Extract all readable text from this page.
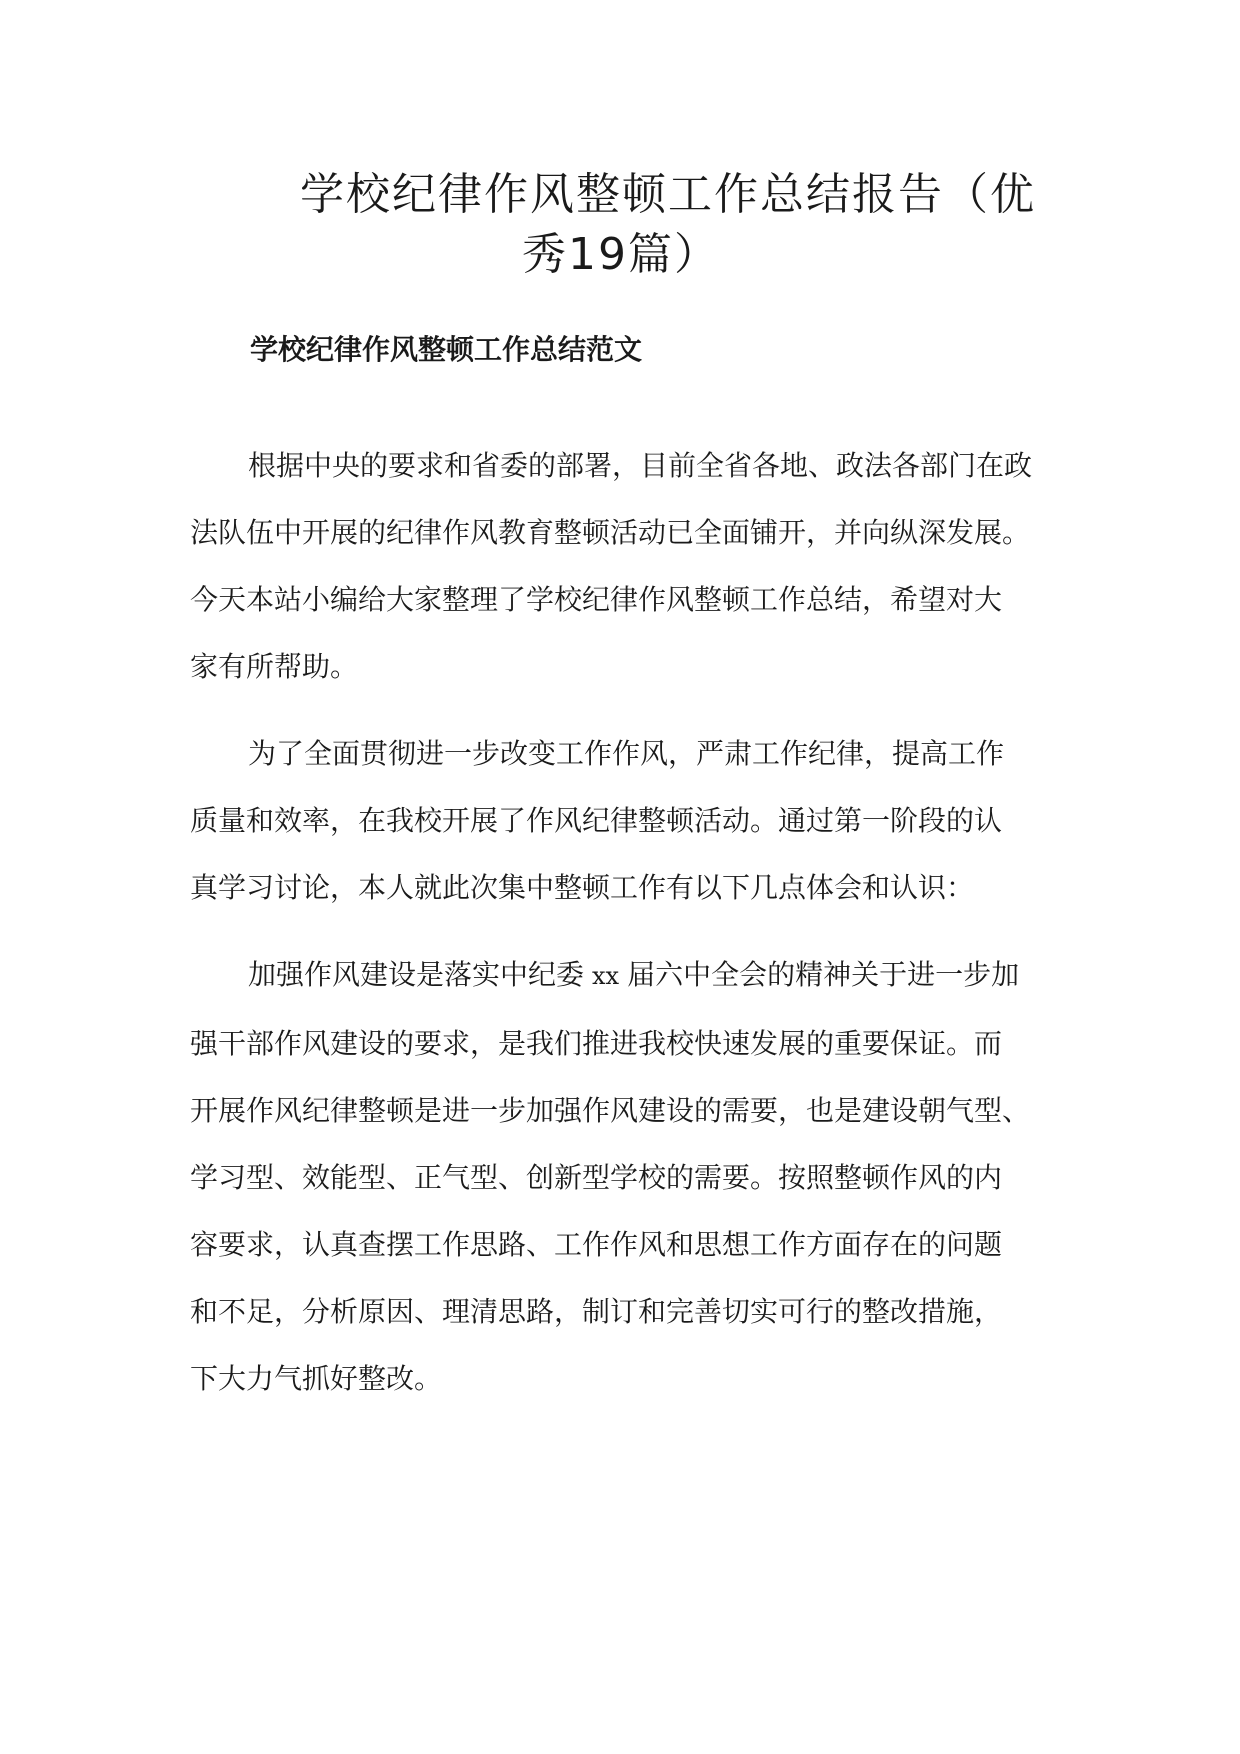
学校纪律作风整顿工作总结报告（优
秀19篇）
学校纪律作风整顿工作总结范文

根据中央的要求和省委的部署，目前全省各地、政法各部门在政
法队伍中开展的纪律作风教育整顿活动已全面铺开，并向纵深发展。
今天本站小编给大家整理了学校纪律作风整顿工作总结，希望对大
家有所帮助。

为了全面贯彻进一步改变工作作风，严肃工作纪律，提高工作
质量和效率，在我校开展了作风纪律整顿活动。通过第一阶段的认
真学习讨论，本人就此次集中整顿工作有以下几点体会和认识：

加强作风建设是落实中纪委 xx 届六中全会的精神关于进一步加
强干部作风建设的要求，是我们推进我校快速发展的重要保证。而
开展作风纪律整顿是进一步加强作风建设的需要，也是建设朝气型、
学习型、效能型、正气型、创新型学校的需要。按照整顿作风的内
容要求，认真查摆工作思路、工作作风和思想工作方面存在的问题
和不足，分析原因、理清思路，制订和完善切实可行的整改措施，
下大力气抓好整改。
